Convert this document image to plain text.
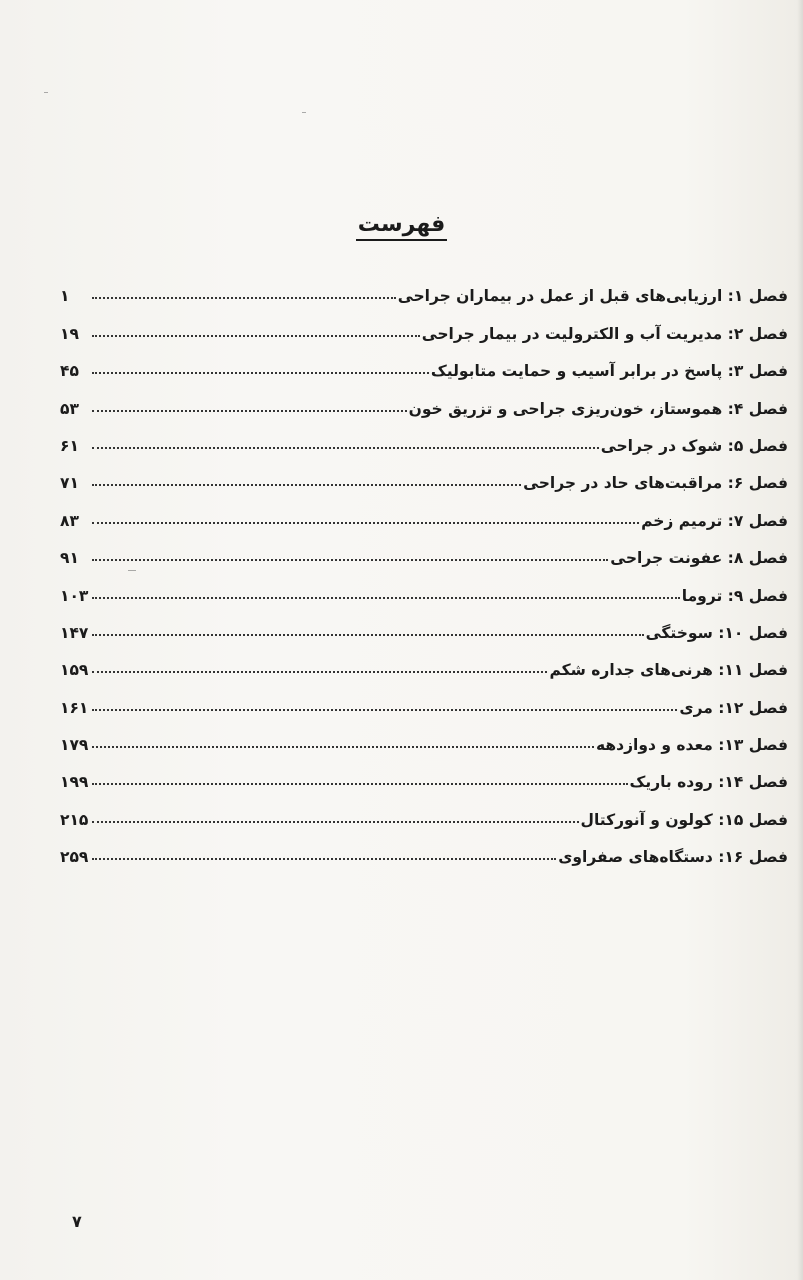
فهرست
فصل ۱: ارزیابی‌های قبل از عمل در بیماران جراحی
۱
فصل ۲: مدیریت آب و الکترولیت در بیمار جراحی
۱۹
فصل ۳: پاسخ در برابر آسیب و حمایت متابولیک
۴۵
فصل ۴: هموستاز، خون‌ریزی جراحی و تزریق خون
۵۳
فصل ۵: شوک در جراحی
۶۱
فصل ۶: مراقبت‌های حاد در جراحی
۷۱
فصل ۷: ترمیم زخم
۸۳
فصل ۸: عفونت جراحی
۹۱
فصل ۹: تروما
۱۰۳
فصل ۱۰: سوختگی
۱۴۷
فصل ۱۱: هرنی‌های جداره شکم
۱۵۹
فصل ۱۲: مری
۱۶۱
فصل ۱۳: معده و دوازدهه
۱۷۹
فصل ۱۴: روده باریک
۱۹۹
فصل ۱۵: کولون و آنورکتال
۲۱۵
فصل ۱۶: دستگاه‌های صفراوی
۲۵۹
۷
